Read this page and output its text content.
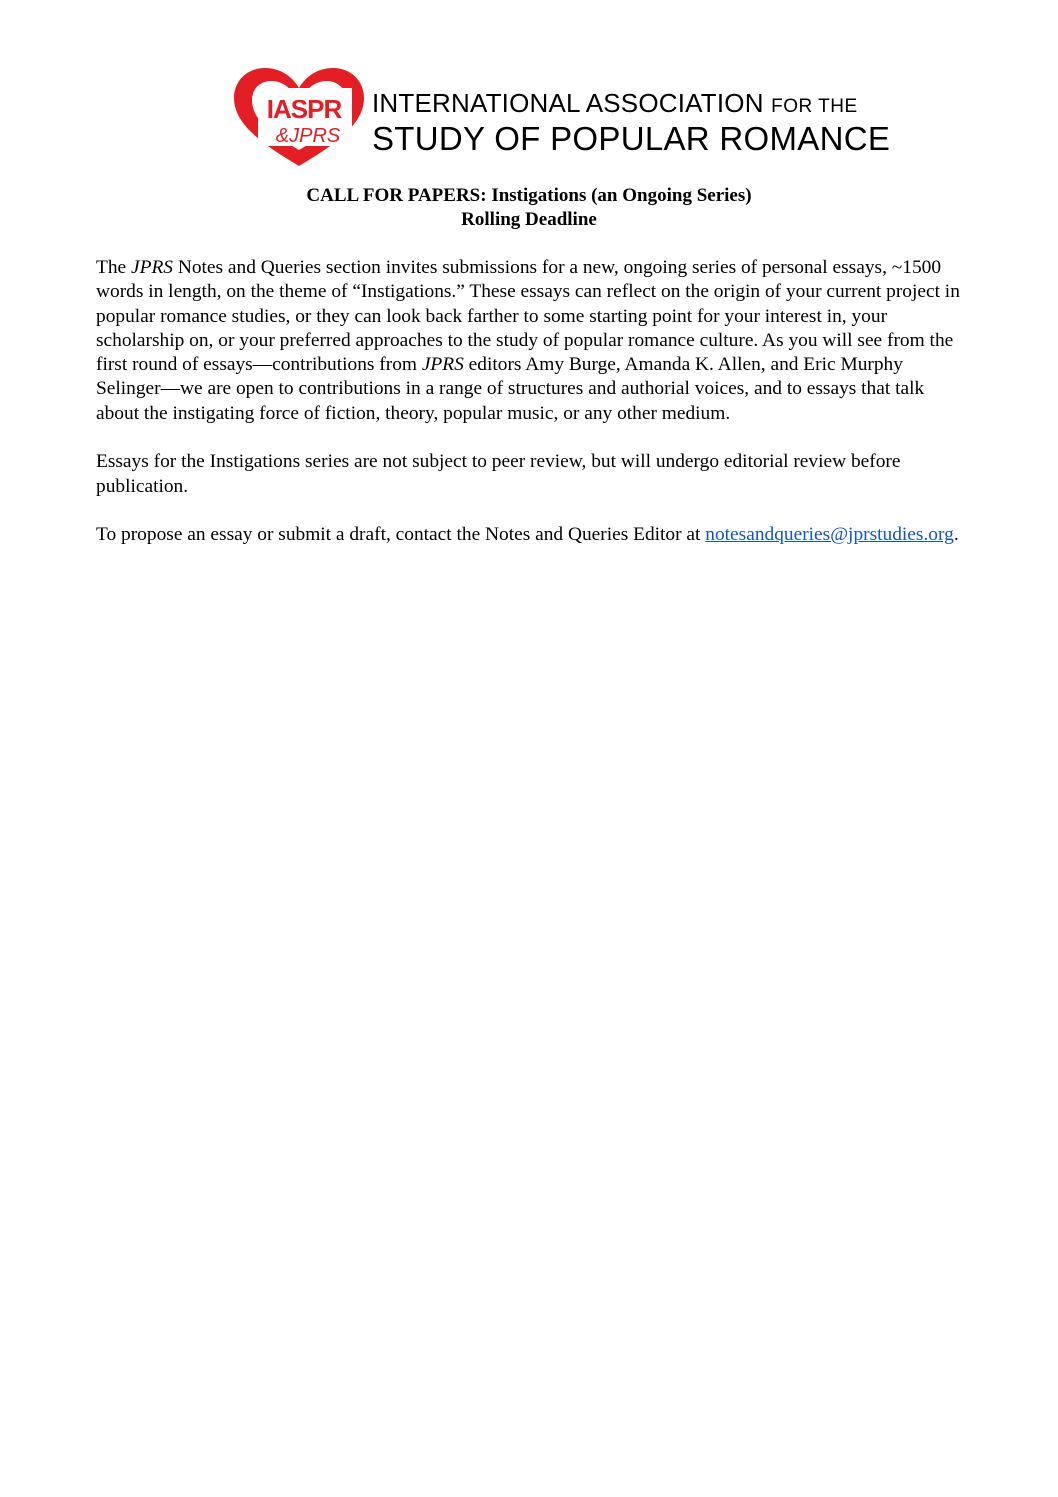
IASPR
&JPRS
INTERNATIONAL ASSOCIATION FOR THE
STUDY OF POPULAR ROMANCE
CALL FOR PAPERS: Instigations (an Ongoing Series)
Rolling Deadline

The JPRS Notes and Queries section invites submissions for a new, ongoing series of personal essays, ~1500 words in length, on the theme of “Instigations.” These essays can reflect on the origin of your current project in popular romance studies, or they can look back farther to some starting point for your interest in, your scholarship on, or your preferred approaches to the study of popular romance culture. As you will see from the first round of essays—contributions from JPRS editors Amy Burge, Amanda K. Allen, and Eric Murphy Selinger—we are open to contributions in a range of structures and authorial voices, and to essays that talk about the instigating force of fiction, theory, popular music, or any other medium.

Essays for the Instigations series are not subject to peer review, but will undergo editorial review before publication.

To propose an essay or submit a draft, contact the Notes and Queries Editor at notesandqueries@jprstudies.org.
